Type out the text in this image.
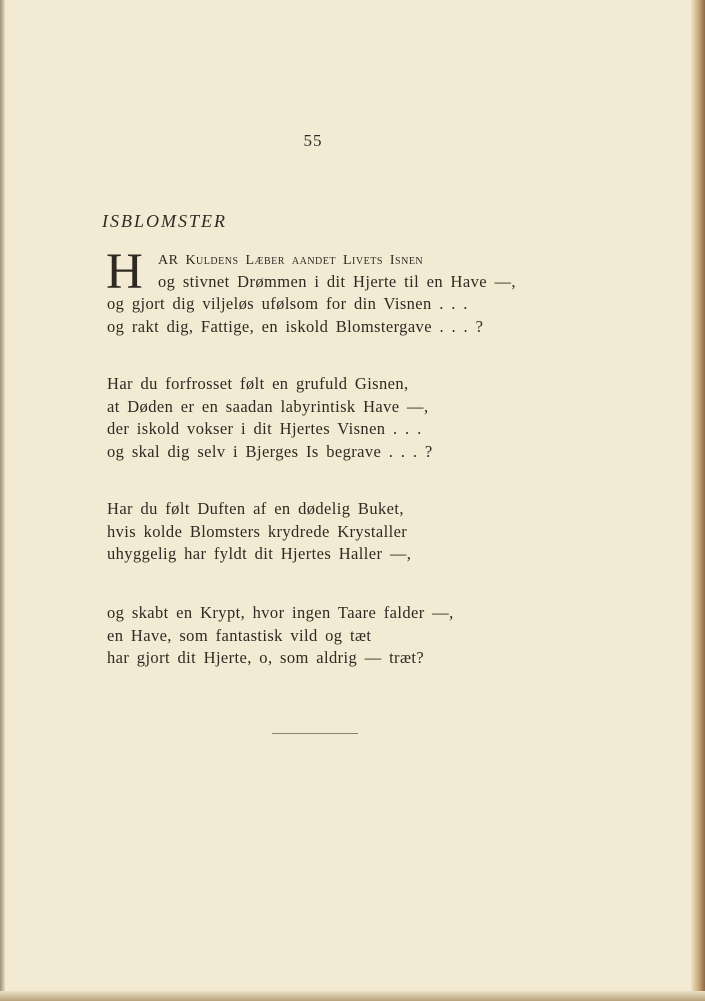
55
ISBLOMSTER
H	AR Kuldens Læber aandet Livets Isnen
og stivnet Drømmen i dit Hjerte til en Have —,
og gjort dig viljeløs ufølsom for din Visnen . . .
og rakt dig, Fattige, en iskold Blomstergave . . . ?
Har du forfrosset følt en grufuld Gisnen,
at Døden er en saadan labyrintisk Have —,
der iskold vokser i dit Hjertes Visnen . . .
og skal dig selv i Bjerges Is begrave . . . ?
Har du følt Duften af en dødelig Buket,
hvis kolde Blomsters krydrede Krystaller
uhyggelig har fyldt dit Hjertes Haller —,
og skabt en Krypt, hvor ingen Taare falder —,
en Have, som fantastisk vild og tæt
har gjort dit Hjerte, o, som aldrig — træt?
